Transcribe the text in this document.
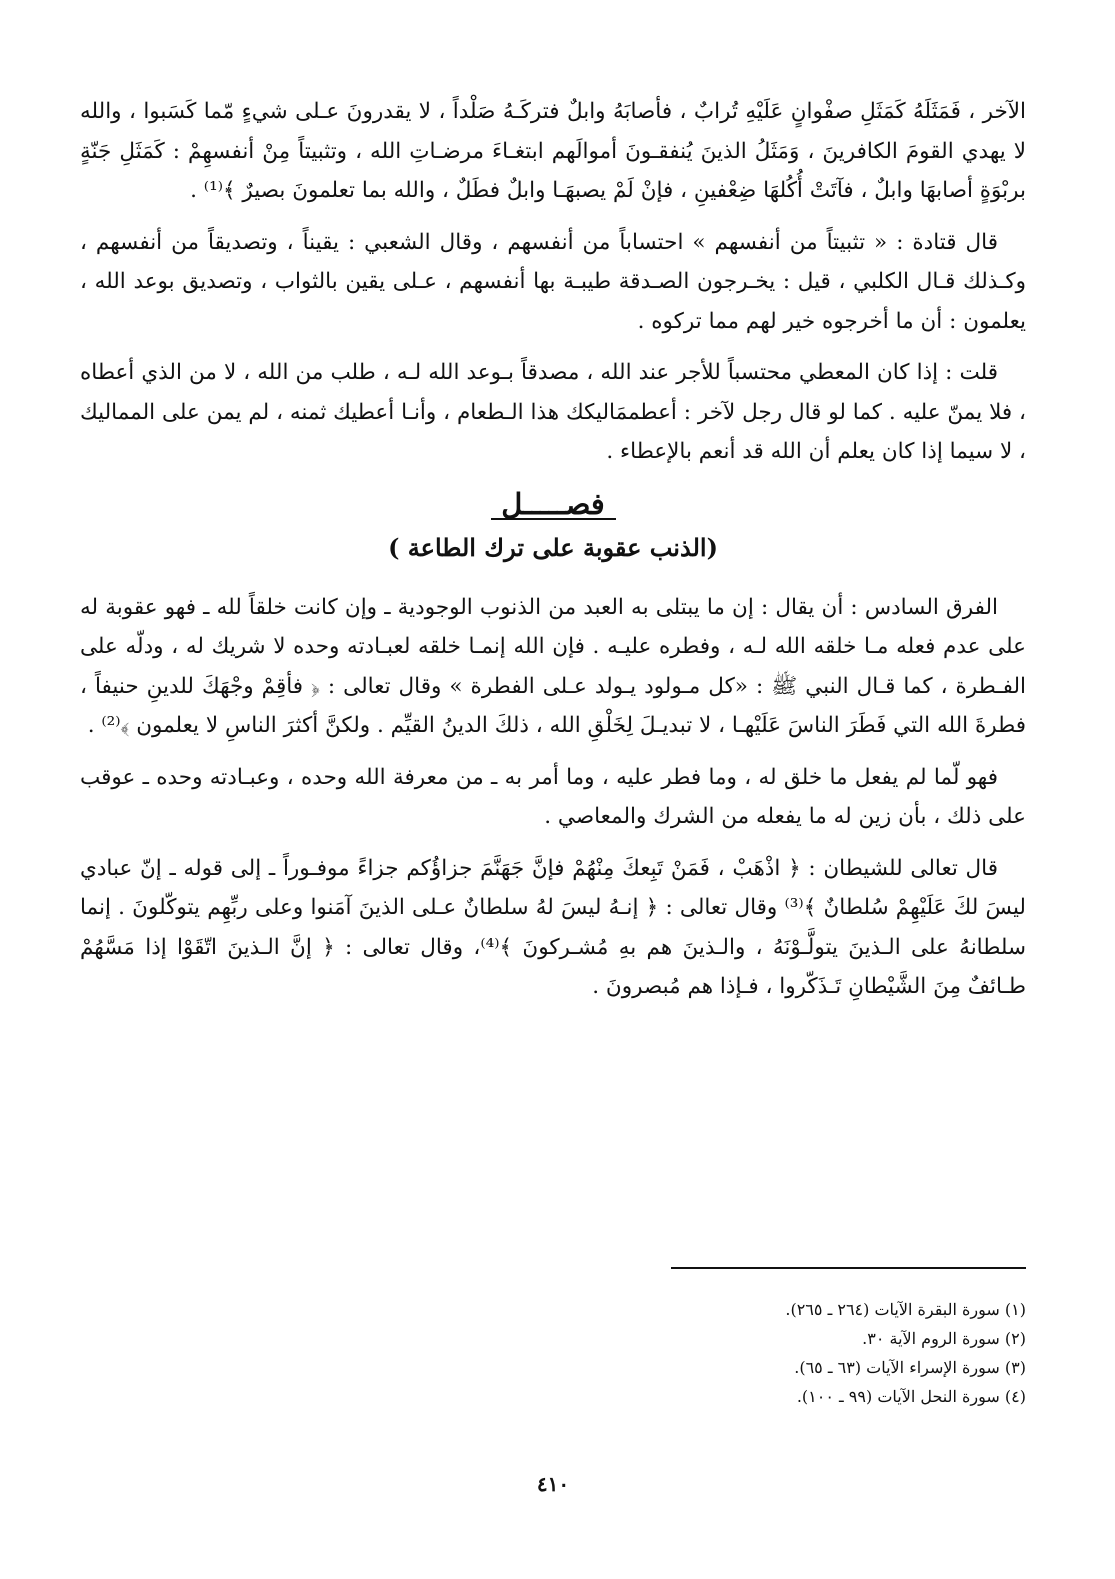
الآخر ، فَمَثَلَهُ كَمَثَلِ صفْوانٍ عَلَيْهِ تُرابٌ ، فأصابَهُ وابلٌ فتركَـهُ صَلْداً ، لا يقدرونَ عـلى شيءٍ مّما كَسَبوا ، والله لا يهدي القومَ الكافرينَ ، وَمَثَلُ الذينَ يُنفقـونَ أموالَهم ابتغـاءَ مرضـاتِ الله ، وتثبيتاً مِنْ أنفسهِمْ : كَمَثَلِ جَنّةٍ بربْوَةٍ أصابهَا وابلٌ ، فآتَتْ أُكُلهَا ضِعْفينِ ، فإنْ لَمْ يصبهَـا وابلٌ فطَلٌ ، والله بما تعلمونَ بصيرٌ ﴾⁽¹⁾ .

قال قتادة : « تثبيتاً من أنفسهم » احتساباً من أنفسهم ، وقال الشعبي : يقيناً ، وتصديقاً من أنفسهم ، وكـذلك قـال الكلبي ، قيل : يخـرجون الصـدقة طيبـة بها أنفسهم ، عـلى يقين بالثواب ، وتصديق بوعد الله ، يعلمون : أن ما أخرجوه خير لهم مما تركوه .

قلت : إذا كان المعطي محتسباً للأجر عند الله ، مصدقاً بـوعد الله لـه ، طلب من الله ، لا من الذي أعطاه ، فلا يمنّ عليه . كما لو قال رجل لآخر : أعطممَاليكك هذا الـطعام ، وأنـا أعطيك ثمنه ، لم يمن على المماليك ، لا سيما إذا كان يعلم أن الله قد أنعم بالإعطاء .

فصـــــل
(الذنب عقوبة على ترك الطاعة )

الفرق السادس : أن يقال : إن ما يبتلى به العبد من الذنوب الوجودية ـ وإن كانت خلقاً لله ـ فهو عقوبة له على عدم فعله مـا خلقه الله لـه ، وفطره عليـه . فإن الله إنمـا خلقه لعبـادته وحده لا شريك له ، ودلّه على الفـطرة ، كما قـال النبي ﷺ : «كل مـولود يـولد عـلى الفطرة » وقال تعالى : ﴿ فأقِمْ وجْهَكَ للدينِ حنيفاً ، فطرةَ الله التي فَطَرَ الناسَ عَلَيْهـا ، لا تبديـلَ لِخَلْقِ الله ، ذلكَ الدينُ القيِّم . ولكنَّ أكثرَ الناسِ لا يعلمون ﴾⁽²⁾ .

فهو لّما لم يفعل ما خلق له ، وما فطر عليه ، وما أمر به ـ من معرفة الله وحده ، وعبـادته وحده ـ عوقب على ذلك ، بأن زين له ما يفعله من الشرك والمعاصي .

قال تعالى للشيطان : ﴿ اذْهَبْ ، فَمَنْ تَبِعكَ مِنْهُمْ فإنَّ جَهَنَّمَ جزاؤُكم جزاءً موفـوراً ـ إلى قوله ـ إنّ عبادي ليسَ لكَ عَلَيْهِمْ سُلطانٌ ﴾⁽³⁾ وقال تعالى : ﴿ إنـهُ ليسَ لهُ سلطانٌ عـلى الذينَ آمَنوا وعلى ربِّهِم يتوكّلونَ . إنما سلطانهُ على الـذينَ يتولَّـوْنَهُ ، والـذينَ هم بهِ مُشـركونَ ﴾⁽⁴⁾، وقال تعالى : ﴿ إنَّ الـذينَ اتّقَوْا إذا مَسَّهُمْ طـائفٌ مِنَ الشَّيْطانِ تَـذَكّروا ، فـإذا هم مُبصرونَ .

(١) سورة البقرة الآيات (٢٦٤ ـ ٢٦٥).

(٢) سورة الروم الآية ٣٠.

(٣) سورة الإسراء الآيات (٦٣ ـ ٦٥).

(٤) سورة النحل الآيات (٩٩ ـ ١٠٠).

٤١٠
